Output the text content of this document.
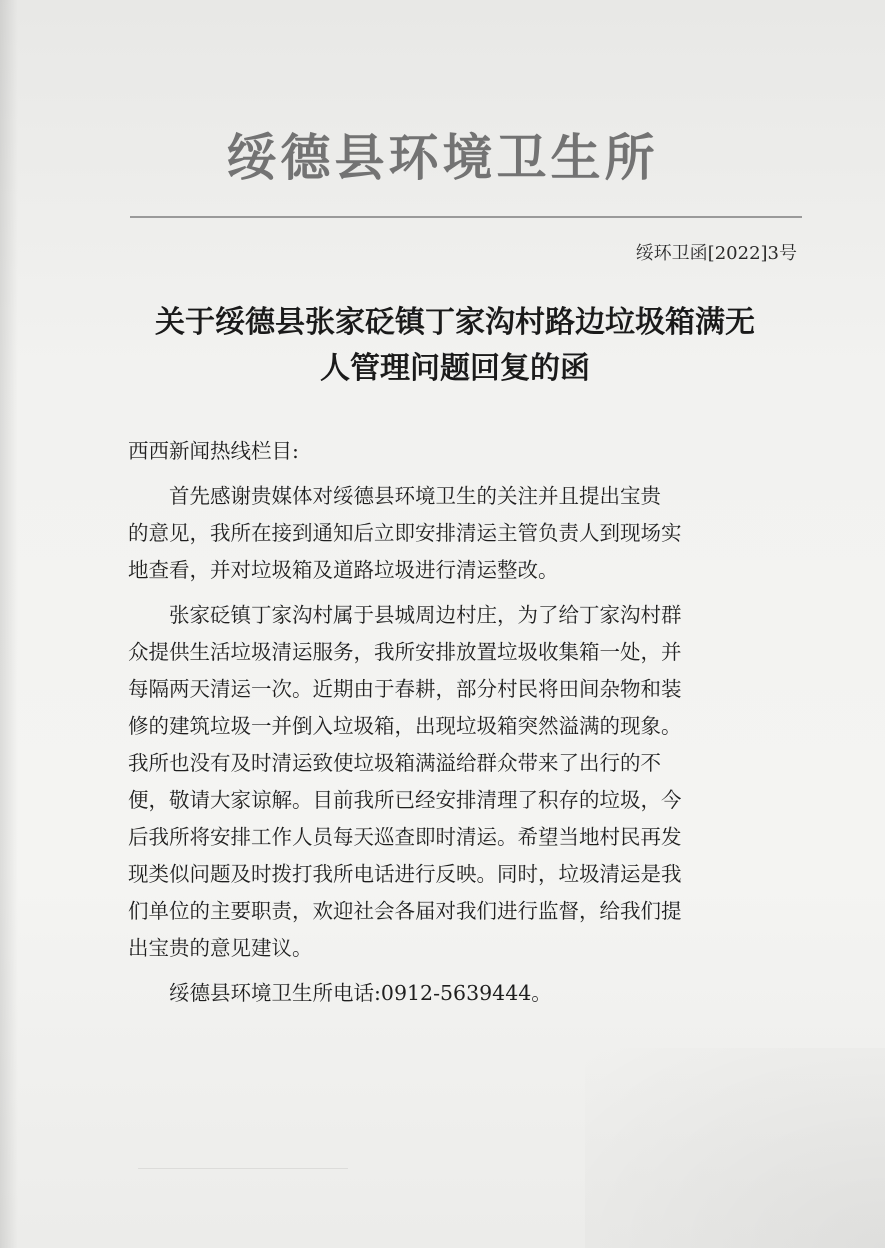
绥德县环境卫生所
绥环卫函[2022]3号
关于绥德县张家砭镇丁家沟村路边垃圾箱满无
人管理问题回复的函
西西新闻热线栏目:
首先感谢贵媒体对绥德县环境卫生的关注并且提出宝贵
的意见，我所在接到通知后立即安排清运主管负责人到现场实
地查看，并对垃圾箱及道路垃圾进行清运整改。
张家砭镇丁家沟村属于县城周边村庄，为了给丁家沟村群
众提供生活垃圾清运服务，我所安排放置垃圾收集箱一处，并
每隔两天清运一次。近期由于春耕，部分村民将田间杂物和装
修的建筑垃圾一并倒入垃圾箱，出现垃圾箱突然溢满的现象。
我所也没有及时清运致使垃圾箱满溢给群众带来了出行的不
便，敬请大家谅解。目前我所已经安排清理了积存的垃圾，今
后我所将安排工作人员每天巡查即时清运。希望当地村民再发
现类似问题及时拨打我所电话进行反映。同时，垃圾清运是我
们单位的主要职责，欢迎社会各届对我们进行监督，给我们提
出宝贵的意见建议。
绥德县环境卫生所电话:0912-5639444。
